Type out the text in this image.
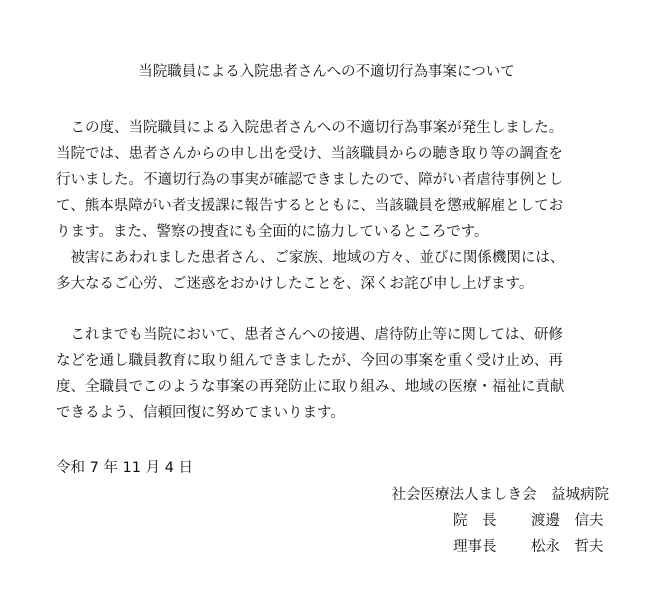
当院職員による入院患者さんへの不適切行為事案について
　この度、当院職員による入院患者さんへの不適切行為事案が発生しました。
当院では、患者さんからの申し出を受け、当該職員からの聴き取り等の調査を
行いました。不適切行為の事実が確認できましたので、障がい者虐待事例とし
て、熊本県障がい者支援課に報告するとともに、当該職員を懲戒解雇としてお
ります。また、警察の捜査にも全面的に協力しているところです。
　被害にあわれました患者さん、ご家族、地域の方々、並びに関係機関には、
多大なるご心労、ご迷惑をおかけしたことを、深くお詫び申し上げます。
　これまでも当院において、患者さんへの接遇、虐待防止等に関しては、研修
などを通し職員教育に取り組んできましたが、今回の事案を重く受け止め、再
度、全職員でこのような事案の再発防止に取り組み、地域の医療・福祉に貢献
できるよう、信頼回復に努めてまいります。
令和 7 年 11 月 4 日
社会医療法人ましき会　益城病院
院　長 渡邊　信夫
理事長 松永　哲夫
